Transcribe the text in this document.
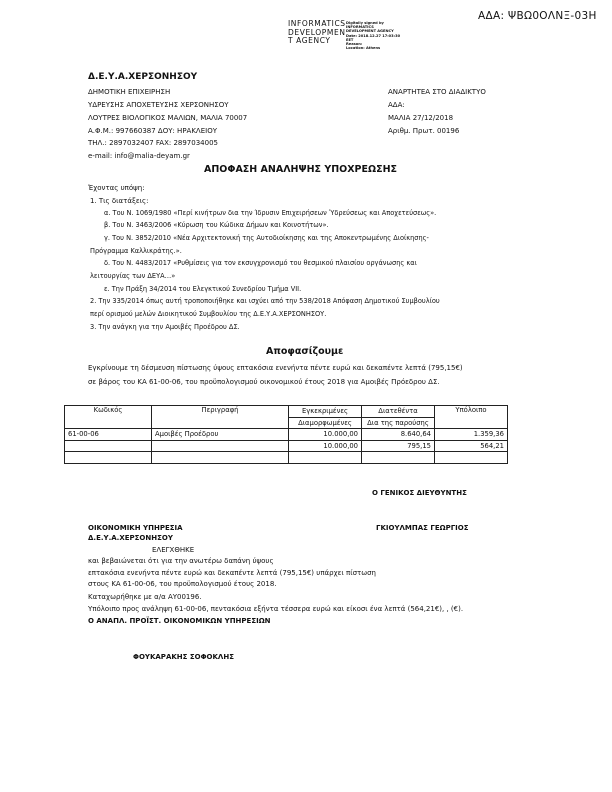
ΑΔΑ: ΨΒΩ0ΟΛΝΞ-03Η
INFORMATICS
DEVELOPMEN
T AGENCY
Digitally signed by
INFORMATICS
DEVELOPMENT AGENCY
Date: 2018.12.27 17:03:30
EET
Reason:
Location: Athens
Δ.Ε.Υ.Α.ΧΕΡΣΟΝΗΣΟΥ
ΔΗΜΟΤΙΚΗ ΕΠΙΧΕΙΡΗΣΗ
ΥΔΡΕΥΣΗΣ ΑΠΟΧΕΤΕΥΣΗΣ ΧΕΡΣΟΝΗΣΟΥ
ΛΟΥΤΡΕΣ ΒΙΟΛΟΓΙΚΟΣ ΜΑΛΙΩΝ, ΜΑΛΙΑ 70007
Α.Φ.Μ.: 997660387 ΔΟΥ: ΗΡΑΚΛΕΙΟΥ
ΤΗΛ.: 2897032407 FAX: 2897034005
e-mail: info@malia-deyam.gr
ΑΝΑΡΤΗΤΕΑ ΣΤΟ ΔΙΑΔΙΚΤΥΟ
ΑΔΑ:
ΜΑΛΙΑ 27/12/2018
Αριθμ. Πρωτ. 00196
ΑΠΟΦΑΣΗ ΑΝΑΛΗΨΗΣ ΥΠΟΧΡΕΩΣΗΣ
Έχοντας υπόψη:
1. Τις διατάξεις:
α. Του Ν. 1069/1980 «Περί κινήτρων δια την Ίδρυσιν Επιχειρήσεων Ύδρεύσεως και Αποχετεύσεως».
β. Του Ν. 3463/2006 «Κύρωση του Κώδικα Δήμων και Κοινοτήτων».
γ. Του Ν. 3852/2010 «Νέα Αρχιτεκτονική της Αυτοδιοίκησης και της Αποκεντρωμένης Διοίκησης-
Πρόγραμμα Καλλικράτης.».
δ. Του Ν. 4483/2017 «Ρυθμίσεις για τον εκσυγχρονισμό του θεσμικού πλαισίου οργάνωσης και
λειτουργίας των ΔΕΥΑ…»
ε. Την Πράξη 34/2014 του Ελεγκτικού Συνεδρίου Τμήμα VII.
2. Την 335/2014 όπως αυτή τροποποιήθηκε και ισχύει από την 538/2018 Απόφαση Δημοτικού Συμβουλίου
περί ορισμού μελών Διοικητικού Συμβουλίου της Δ.Ε.Υ.Α.ΧΕΡΣΟΝΗΣΟΥ.
3. Την ανάγκη για την Αμοιβές Προέδρου ΔΣ.
Αποφασίζουμε
Εγκρίνουμε τη δέσμευση πίστωσης ύψους επτακόσια ενενήντα πέντε ευρώ και δεκαπέντε λεπτά (795,15€)
σε βάρος του ΚΑ 61-00-06, του προϋπολογισμού οικονομικού έτους 2018 για Αμοιβές Πρόεδρου ΔΣ.
Κωδικός	Περιγραφή	Εγκεκριμένες	Διατεθέντα	Υπόλοιπο
		Διαμορφωμένες	Δια της παρούσης	
61-00-06	Αμοιβές Προέδρου	10.000,00	8.640,64	1.359,36
		10.000,00	795,15	564,21

Ο ΓΕΝΙΚΟΣ ΔΙΕΥΘΥΝΤΗΣ
ΟΙΚΟΝΟΜΙΚΗ ΥΠΗΡΕΣΙΑ	ΓΚΙΟΥΛΜΠΑΣ ΓΕΩΡΓΙΟΣ
Δ.Ε.Υ.Α.ΧΕΡΣΟΝΗΣΟΥ
ΕΛΕΓΧΘΗΚΕ
και βεβαιώνεται ότι για την ανωτέρω δαπάνη ύψους
επτακόσια ενενήντα πέντε ευρώ και δεκαπέντε λεπτά (795,15€) υπάρχει πίστωση
στους ΚΑ 61-00-06, του προϋπολογισμού έτους 2018.
Καταχωρήθηκε με α/α ΑΥ00196.
Υπόλοιπο προς ανάληψη 61-00-06, πεντακόσια εξήντα τέσσερα ευρώ και είκοσι ένα λεπτά (564,21€), , (€).
Ο ΑΝΑΠΛ. ΠΡΟΪΣΤ. ΟΙΚΟΝΟΜΙΚΩΝ ΥΠΗΡΕΣΙΩΝ
ΦΟΥΚΑΡΑΚΗΣ ΣΟΦΟΚΛΗΣ
